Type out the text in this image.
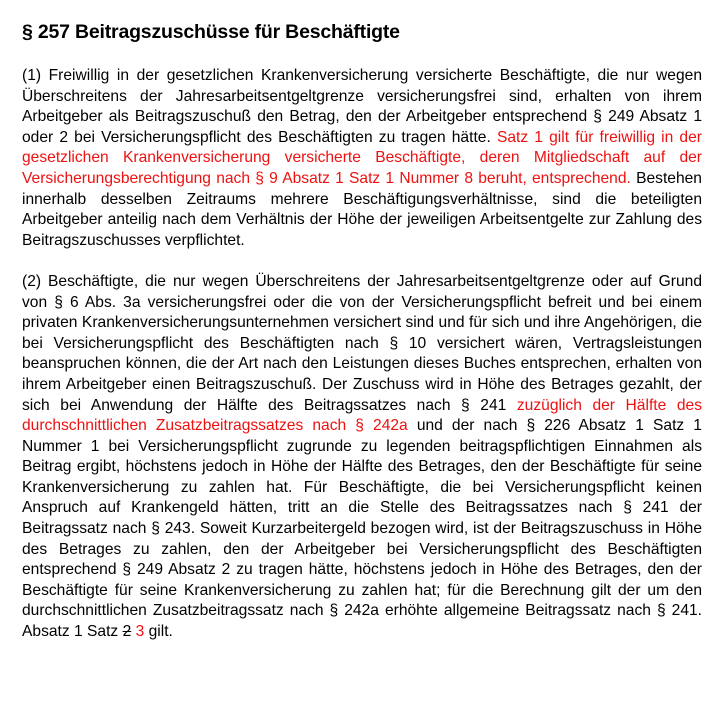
§ 257 Beitragszuschüsse für Beschäftigte

(1) Freiwillig in der gesetzlichen Krankenversicherung versicherte Beschäftigte, die nur wegen Überschreitens der Jahresarbeitsentgeltgrenze versicherungsfrei sind, erhalten von ihrem Arbeitgeber als Beitragszuschuß den Betrag, den der Arbeitgeber entsprechend § 249 Absatz 1 oder 2 bei Versicherungspflicht des Beschäftigten zu tragen hätte. Satz 1 gilt für freiwillig in der gesetzlichen Krankenversicherung versicherte Beschäftigte, deren Mitgliedschaft auf der Versicherungsberechtigung nach § 9 Absatz 1 Satz 1 Nummer 8 beruht, entsprechend. Bestehen innerhalb desselben Zeitraums mehrere Beschäftigungsverhältnisse, sind die beteiligten Arbeitgeber anteilig nach dem Verhältnis der Höhe der jeweiligen Arbeitsentgelte zur Zahlung des Beitragszuschusses verpflichtet.

(2) Beschäftigte, die nur wegen Überschreitens der Jahresarbeitsentgeltgrenze oder auf Grund von § 6 Abs. 3a versicherungsfrei oder die von der Versicherungspflicht befreit und bei einem privaten Krankenversicherungsunternehmen versichert sind und für sich und ihre Angehörigen, die bei Versicherungspflicht des Beschäftigten nach § 10 versichert wären, Vertragsleistungen beanspruchen können, die der Art nach den Leistungen dieses Buches entsprechen, erhalten von ihrem Arbeitgeber einen Beitragszuschuß. Der Zuschuss wird in Höhe des Betrages gezahlt, der sich bei Anwendung der Hälfte des Beitragssatzes nach § 241 zuzüglich der Hälfte des durchschnittlichen Zusatzbeitragssatzes nach § 242a und der nach § 226 Absatz 1 Satz 1 Nummer 1 bei Versicherungspflicht zugrunde zu legenden beitragspflichtigen Einnahmen als Beitrag ergibt, höchstens jedoch in Höhe der Hälfte des Betrages, den der Beschäftigte für seine Krankenversicherung zu zahlen hat. Für Beschäftigte, die bei Versicherungspflicht keinen Anspruch auf Krankengeld hätten, tritt an die Stelle des Beitragssatzes nach § 241 der Beitragssatz nach § 243. Soweit Kurzarbeitergeld bezogen wird, ist der Beitragszuschuss in Höhe des Betrages zu zahlen, den der Arbeitgeber bei Versicherungspflicht des Beschäftigten entsprechend § 249 Absatz 2 zu tragen hätte, höchstens jedoch in Höhe des Betrages, den der Beschäftigte für seine Krankenversicherung zu zahlen hat; für die Berechnung gilt der um den durchschnittlichen Zusatzbeitragssatz nach § 242a erhöhte allgemeine Beitragssatz nach § 241. Absatz 1 Satz 2 3 gilt.
